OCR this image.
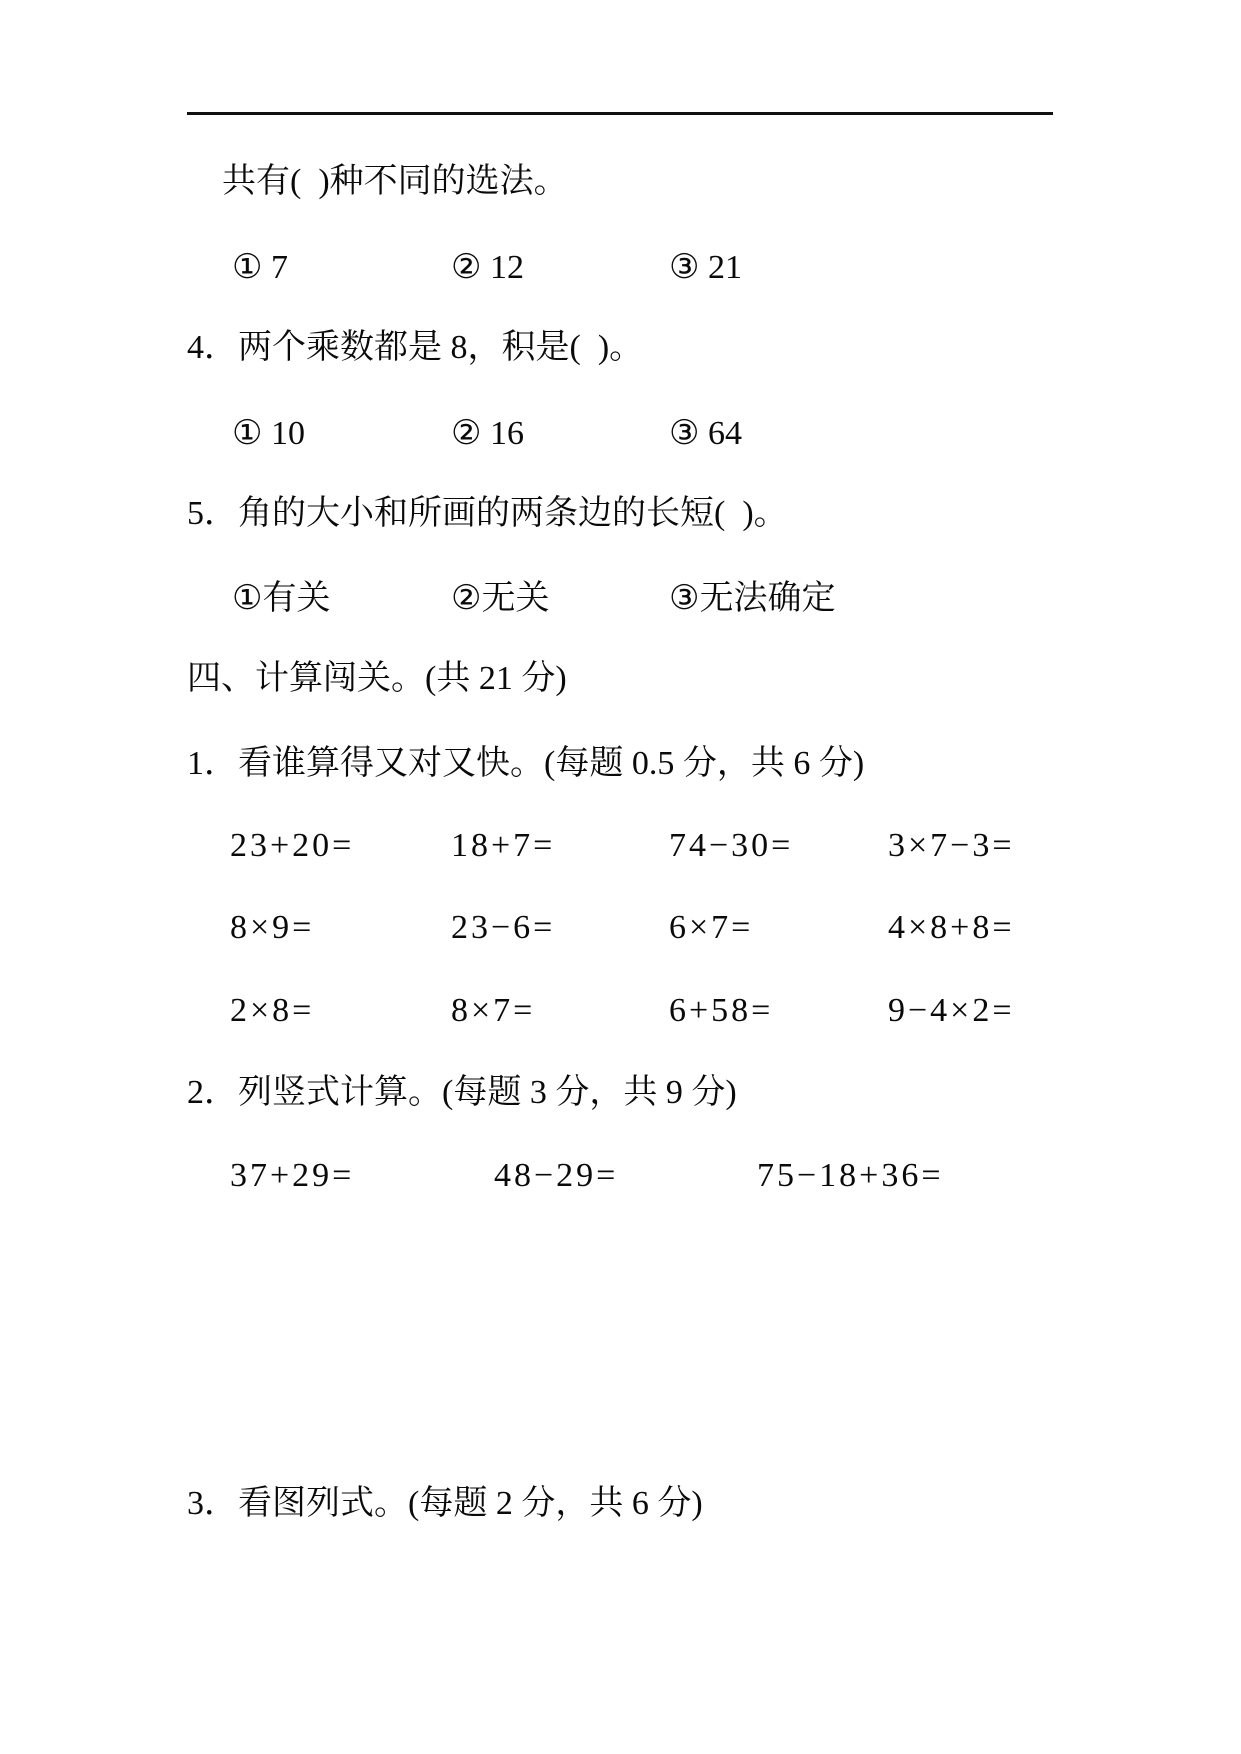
共有(  )种不同的选法。
① 7	② 12	③ 21
4．两个乘数都是 8，积是(  )。
① 10	② 16	③ 64
5．角的大小和所画的两条边的长短(  )。
①有关	②无关	③无法确定
四、计算闯关。(共 21 分)
1．看谁算得又对又快。(每题 0.5 分，共 6 分)
23+20=	18+7=	74−30=	3×7−3=
8×9=	23−6=	6×7=	4×8+8=
2×8=	8×7=	6+58=	9−4×2=
2．列竖式计算。(每题 3 分，共 9 分)
37+29=	48−29=	75−18+36=
3．看图列式。(每题 2 分，共 6 分)
